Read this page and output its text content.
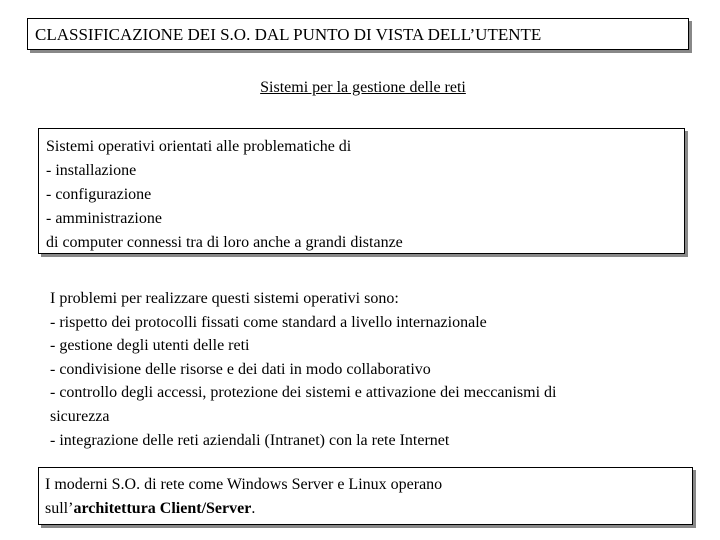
CLASSIFICAZIONE DEI S.O. DAL PUNTO DI VISTA DELL’UTENTE
Sistemi per la gestione delle reti
Sistemi operativi orientati alle problematiche di
- installazione
- configurazione
- amministrazione
di computer connessi tra di loro anche a grandi distanze
I problemi per realizzare questi sistemi operativi sono:
- rispetto dei protocolli fissati come standard a livello internazionale
- gestione degli utenti delle reti
- condivisione delle risorse e dei dati in modo collaborativo
- controllo degli accessi, protezione dei sistemi e attivazione dei meccanismi di
sicurezza
- integrazione delle reti aziendali (Intranet) con la rete Internet
I moderni S.O. di rete come Windows Server e Linux operano
sull’architettura Client/Server.
